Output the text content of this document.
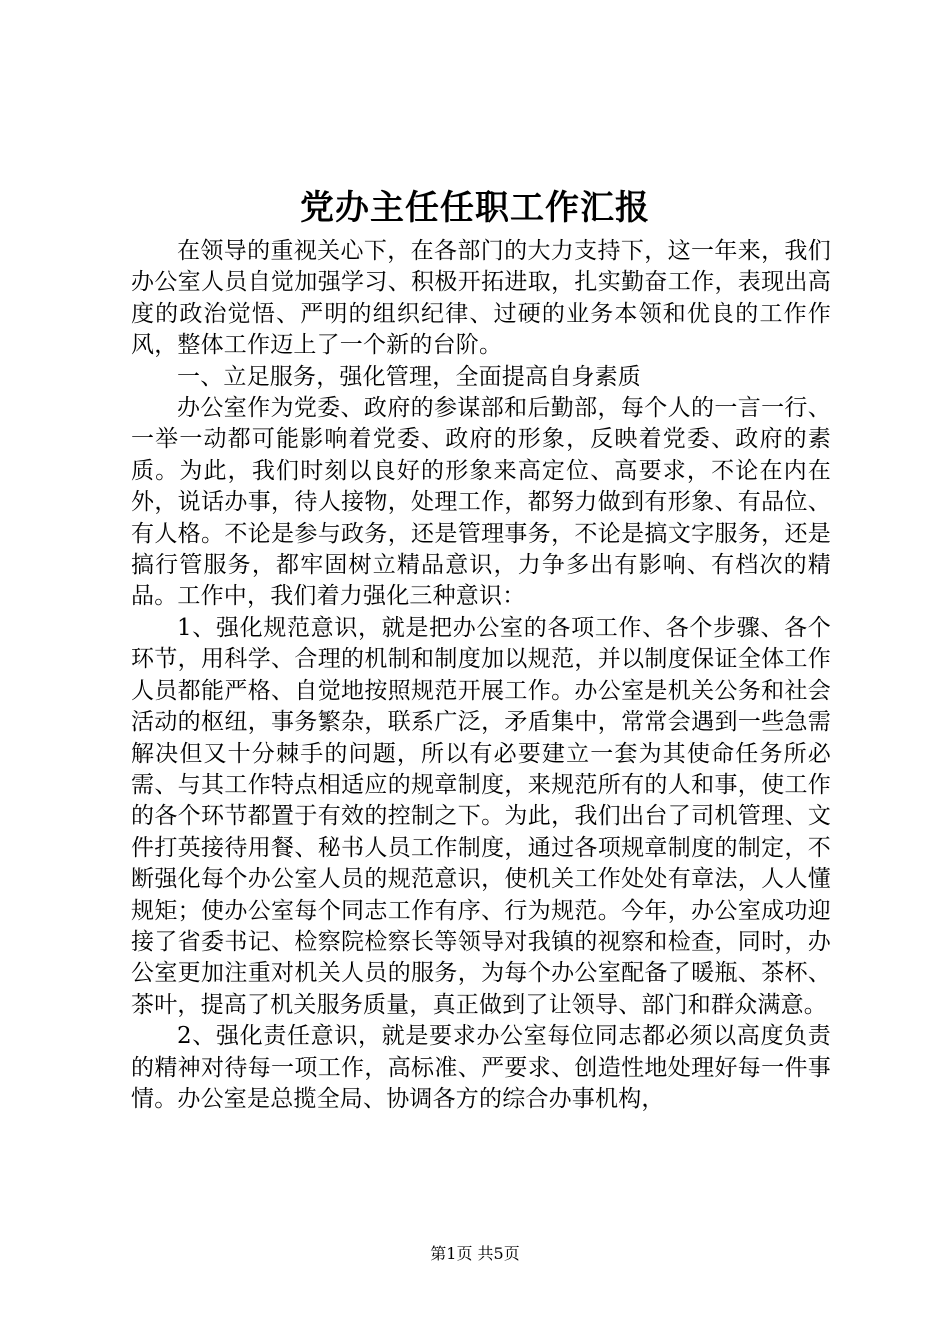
党办主任任职工作汇报

在领导的重视关心下，在各部门的大力支持下，这一年来，我们办公室人员自觉加强学习、积极开拓进取，扎实勤奋工作，表现出高度的政治觉悟、严明的组织纪律、过硬的业务本领和优良的工作作风，整体工作迈上了一个新的台阶。

一、立足服务，强化管理，全面提高自身素质

办公室作为党委、政府的参谋部和后勤部，每个人的一言一行、一举一动都可能影响着党委、政府的形象，反映着党委、政府的素质。为此，我们时刻以良好的形象来高定位、高要求，不论在内在外，说话办事，待人接物，处理工作，都努力做到有形象、有品位、有人格。不论是参与政务，还是管理事务，不论是搞文字服务，还是搞行管服务，都牢固树立精品意识，力争多出有影响、有档次的精品。工作中，我们着力强化三种意识：

1、强化规范意识，就是把办公室的各项工作、各个步骤、各个环节，用科学、合理的机制和制度加以规范，并以制度保证全体工作人员都能严格、自觉地按照规范开展工作。办公室是机关公务和社会活动的枢纽，事务繁杂，联系广泛，矛盾集中，常常会遇到一些急需解决但又十分棘手的问题，所以有必要建立一套为其使命任务所必需、与其工作特点相适应的规章制度，来规范所有的人和事，使工作的各个环节都置于有效的控制之下。为此，我们出台了司机管理、文件打英接待用餐、秘书人员工作制度，通过各项规章制度的制定，不断强化每个办公室人员的规范意识，使机关工作处处有章法，人人懂规矩；使办公室每个同志工作有序、行为规范。今年，办公室成功迎接了省委书记、检察院检察长等领导对我镇的视察和检查，同时，办公室更加注重对机关人员的服务，为每个办公室配备了暖瓶、茶杯、茶叶，提高了机关服务质量，真正做到了让领导、部门和群众满意。

2、强化责任意识，就是要求办公室每位同志都必须以高度负责的精神对待每一项工作，高标准、严要求、创造性地处理好每一件事情。办公室是总揽全局、协调各方的综合办事机构，

第1页 共5页
